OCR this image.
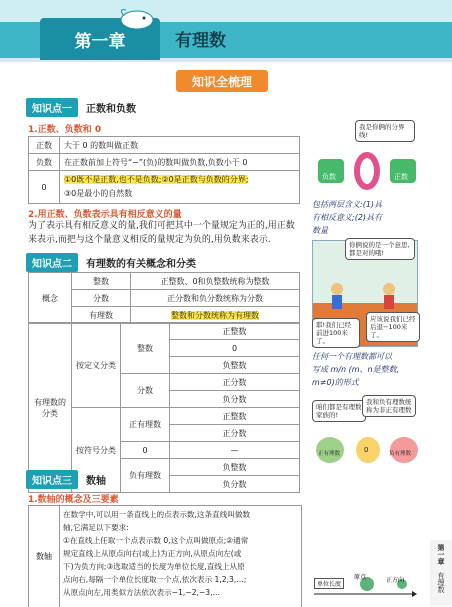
第一章	有理数
知识全梳理
知识点一	正数和负数
1.正数、负数和 0
正数	大于 0 的数叫做正数
负数	在正数前加上符号“−”(负)的数叫做负数,负数小于 0
0	①0既不是正数,也不是负数;②0是正数与负数的分界;
③0是最小的自然数
2.用正数、负数表示具有相反意义的量
为了表示具有相反意义的量,我们可把其中一个量规定为正的,用正数来表示,而把与这个量意义相反的量规定为负的,用负数来表示.
知识点二	有理数的有关概念和分类
概念	整数	正整数、0和负整数统称为整数
	分数	正分数和负分数统称为分数
	有理数	整数和分数统称为有理数
有理数的分类	按定义分类	整数	正整数
			0
			负整数
		分数	正分数
			负分数
	按符号分类	正有理数	正整数
			正分数
		0	—
		负有理数	负整数
			负分数
知识点三	数轴
1.数轴的概念及三要素
数轴
在数学中,可以用一条直线上的点表示数,这条直线叫做数
轴,它满足以下要求:
①在直线上任取一个点表示数 0,这个点叫做原点;②通常
规定直线上从原点向右(或上)为正方向,从原点向左(或
下)为负方向;③选取适当的长度为单位长度,直线上从原
点向右,每隔一个单位长度取一个点,依次表示 1,2,3,…;
从原点向左,用类似方法依次表示−1,−2,−3,…
我是你俩的分界线!
负数	正数
包括两层含义:(1)具
有相反意义;(2)具有
数量
你俩说的是一个意思,都是对的哦!
耶!我们已经前进100米了。
应该说我们已经后退−100米了。
任何一个有理数都可以
写成 m/n (m、n是整数,
m≠0)的形式
咱们都是有理数家族的!
我和负有理数统称为非正有理数
正有理数	0	负有理数
单位长度
原点	正方向
第一章
有理数
